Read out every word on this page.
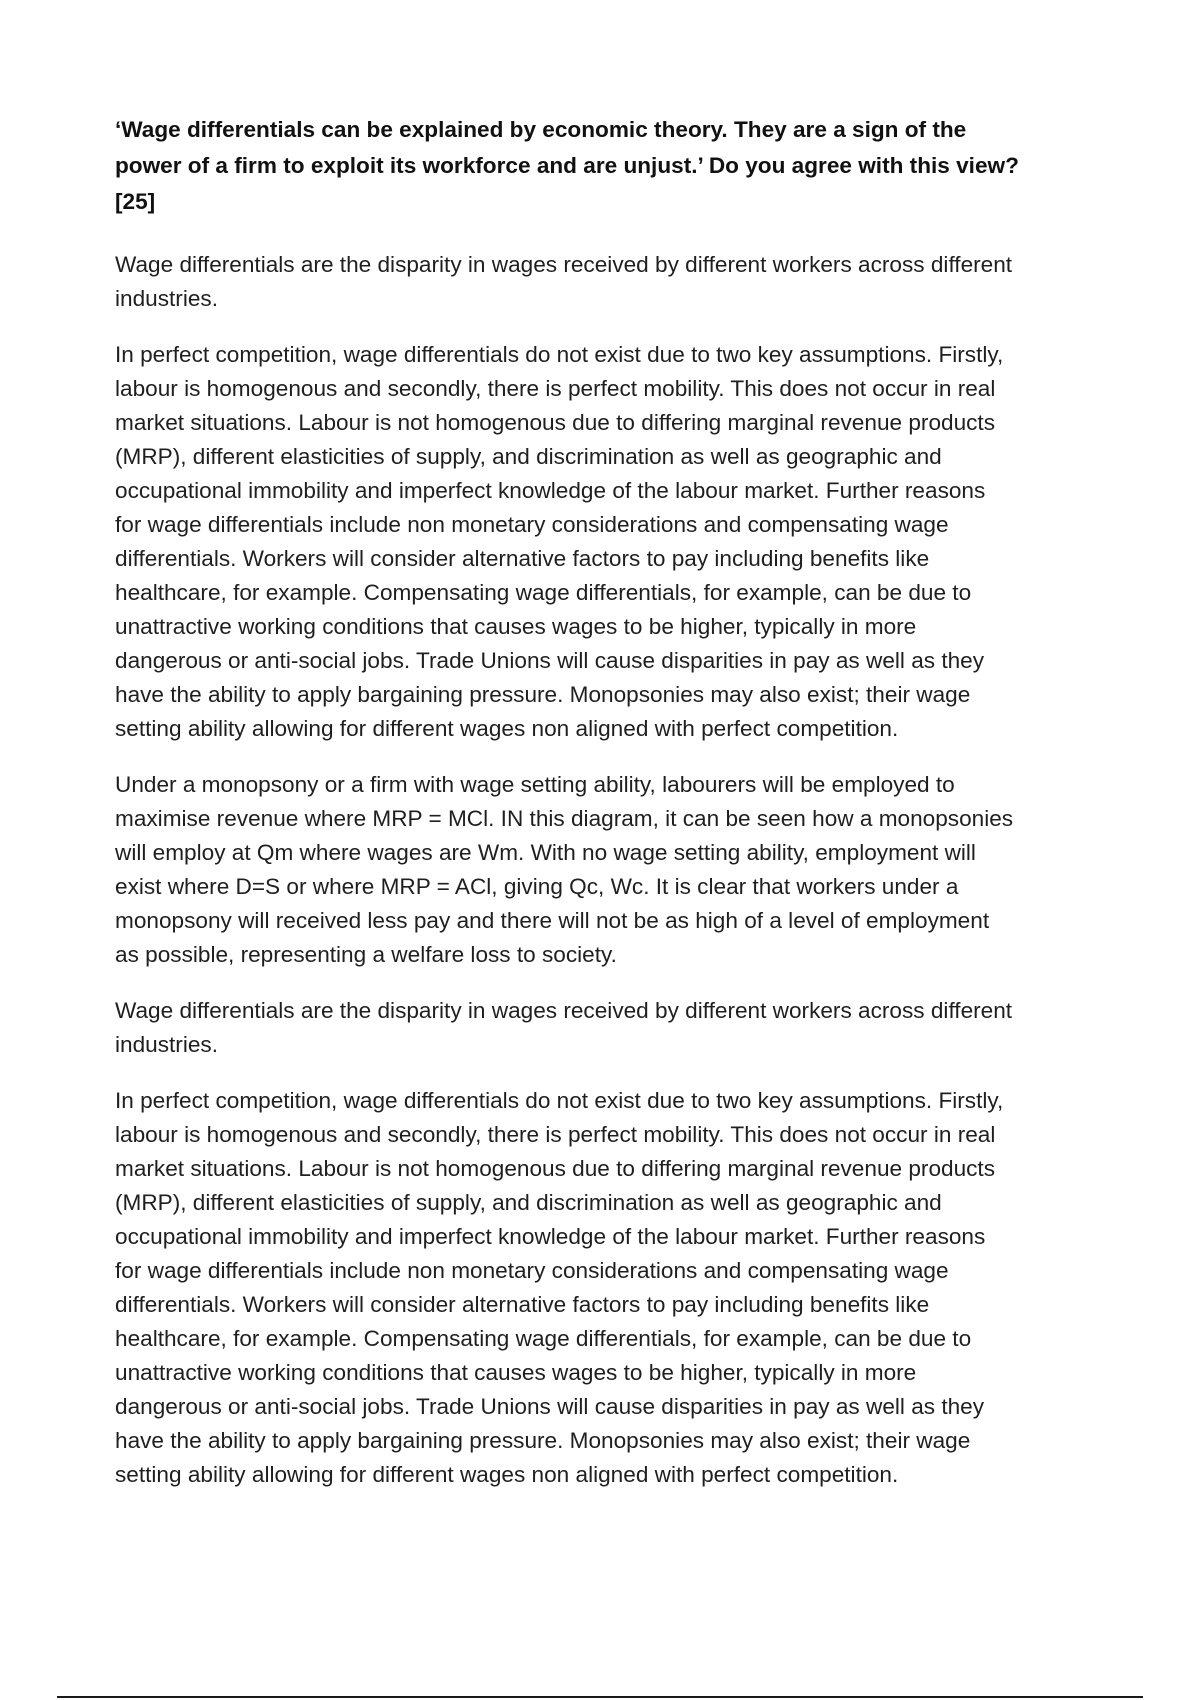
‘Wage differentials can be explained by economic theory. They are a sign of the
power of a firm to exploit its workforce and are unjust.’ Do you agree with this view?
[25]
Wage differentials are the disparity in wages received by different workers across different
industries.
In perfect competition, wage differentials do not exist due to two key assumptions. Firstly,
labour is homogenous and secondly, there is perfect mobility. This does not occur in real
market situations. Labour is not homogenous due to differing marginal revenue products
(MRP), different elasticities of supply, and discrimination as well as geographic and
occupational immobility and imperfect knowledge of the labour market. Further reasons
for wage differentials include non monetary considerations and compensating wage
differentials. Workers will consider alternative factors to pay including benefits like
healthcare, for example. Compensating wage differentials, for example, can be due to
unattractive working conditions that causes wages to be higher, typically in more
dangerous or anti-social jobs. Trade Unions will cause disparities in pay as well as they
have the ability to apply bargaining pressure. Monopsonies may also exist; their wage
setting ability allowing for different wages non aligned with perfect competition.
Under a monopsony or a firm with wage setting ability, labourers will be employed to
maximise revenue where MRP = MCl. IN this diagram, it can be seen how a monopsonies
will employ at Qm where wages are Wm. With no wage setting ability, employment will
exist where D=S or where MRP = ACl, giving Qc, Wc. It is clear that workers under a
monopsony will received less pay and there will not be as high of a level of employment
as possible, representing a welfare loss to society.
Wage differentials are the disparity in wages received by different workers across different
industries.
In perfect competition, wage differentials do not exist due to two key assumptions. Firstly,
labour is homogenous and secondly, there is perfect mobility. This does not occur in real
market situations. Labour is not homogenous due to differing marginal revenue products
(MRP), different elasticities of supply, and discrimination as well as geographic and
occupational immobility and imperfect knowledge of the labour market. Further reasons
for wage differentials include non monetary considerations and compensating wage
differentials. Workers will consider alternative factors to pay including benefits like
healthcare, for example. Compensating wage differentials, for example, can be due to
unattractive working conditions that causes wages to be higher, typically in more
dangerous or anti-social jobs. Trade Unions will cause disparities in pay as well as they
have the ability to apply bargaining pressure. Monopsonies may also exist; their wage
setting ability allowing for different wages non aligned with perfect competition.
